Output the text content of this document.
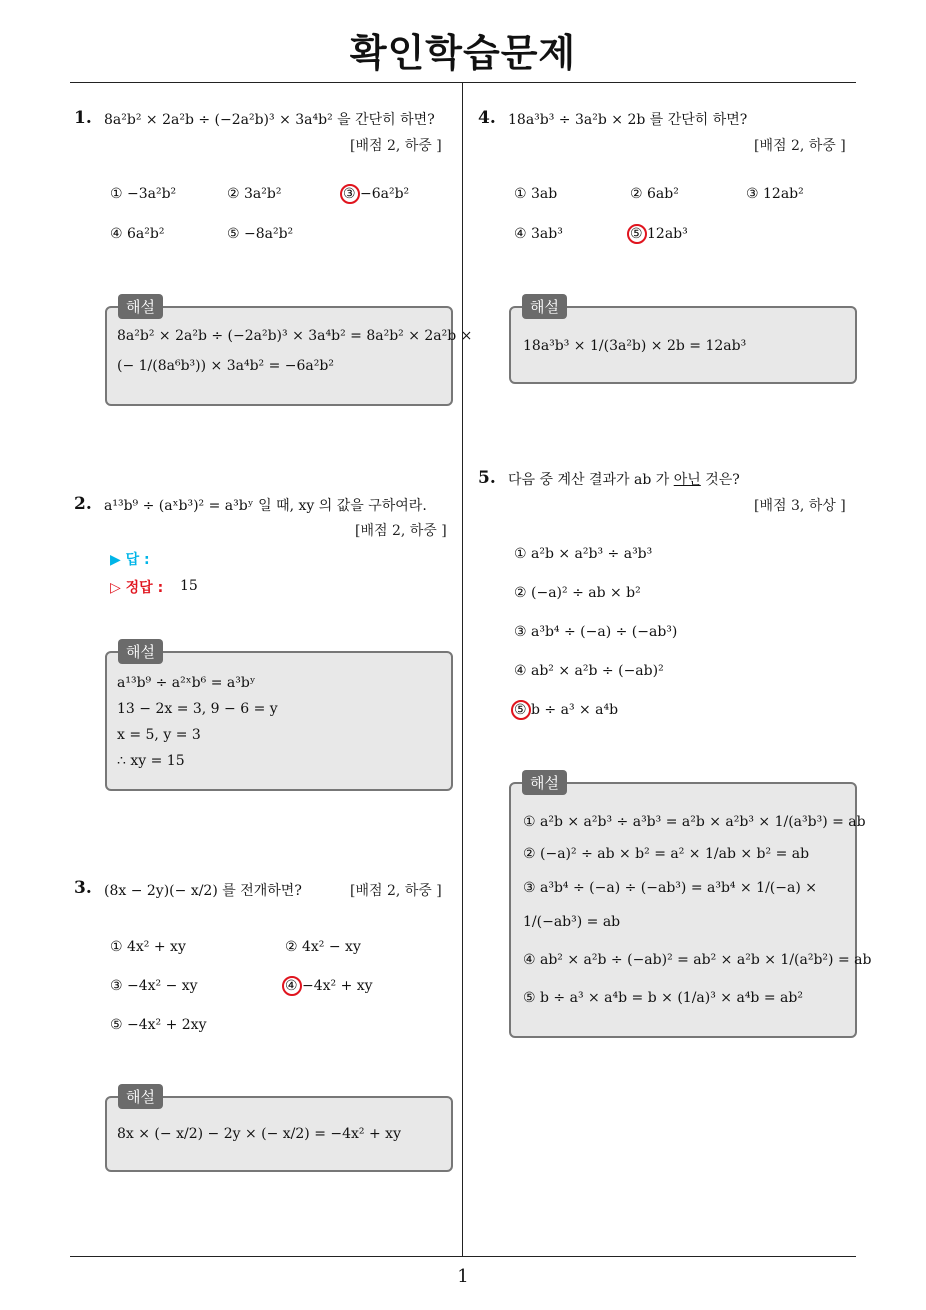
확인학습문제
1
1. 8a²b² × 2a²b ÷ (−2a²b)³ × 3a⁴b² 을 간단히 하면?
[배점 2, 하중 ]
① −3a²b²	② 3a²b²	③ −6a²b²
④ 6a²b²	⑤ −8a²b²
8a²b² × 2a²b ÷ (−2a²b)³ × 3a⁴b² = 8a²b² × 2a²b ×
(− 1/(8a⁶b³)) × 3a⁴b² = −6a²b²
해설
2. a¹³b⁹ ÷ (aˣb³)² = a³bʸ 일 때, xy 의 값을 구하여라.
[배점 2, 하중 ]
▶ 답 :
▷ 정답 : 15
a¹³b⁹ ÷ a²ˣb⁶ = a³bʸ
13 − 2x = 3, 9 − 6 = y
x = 5, y = 3
∴ xy = 15
해설
3. (8x − 2y)(− x/2) 를 전개하면?	[배점 2, 하중 ]
① 4x² + xy	② 4x² − xy
③ −4x² − xy	④ −4x² + xy
⑤ −4x² + 2xy
8x × (− x/2) − 2y × (− x/2) = −4x² + xy
해설
4. 18a³b³ ÷ 3a²b × 2b 를 간단히 하면?
[배점 2, 하중 ]
① 3ab	② 6ab²	③ 12ab²
④ 3ab³	⑤ 12ab³
18a³b³ × 1/(3a²b) × 2b = 12ab³
해설
5. 다음 중 계산 결과가 ab 가 아닌 것은?
[배점 3, 하상 ]
① a²b × a²b³ ÷ a³b³
② (−a)² ÷ ab × b²
③ a³b⁴ ÷ (−a) ÷ (−ab³)
④ ab² × a²b ÷ (−ab)²
⑤ b ÷ a³ × a⁴b
① a²b × a²b³ ÷ a³b³ = a²b × a²b³ × 1/(a³b³) = ab
② (−a)² ÷ ab × b² = a² × 1/ab × b² = ab
③ a³b⁴ ÷ (−a) ÷ (−ab³) = a³b⁴ × 1/(−a) ×
1/(−ab³) = ab
④ ab² × a²b ÷ (−ab)² = ab² × a²b × 1/(a²b²) = ab
⑤ b ÷ a³ × a⁴b = b × (1/a)³ × a⁴b = ab²
해설
